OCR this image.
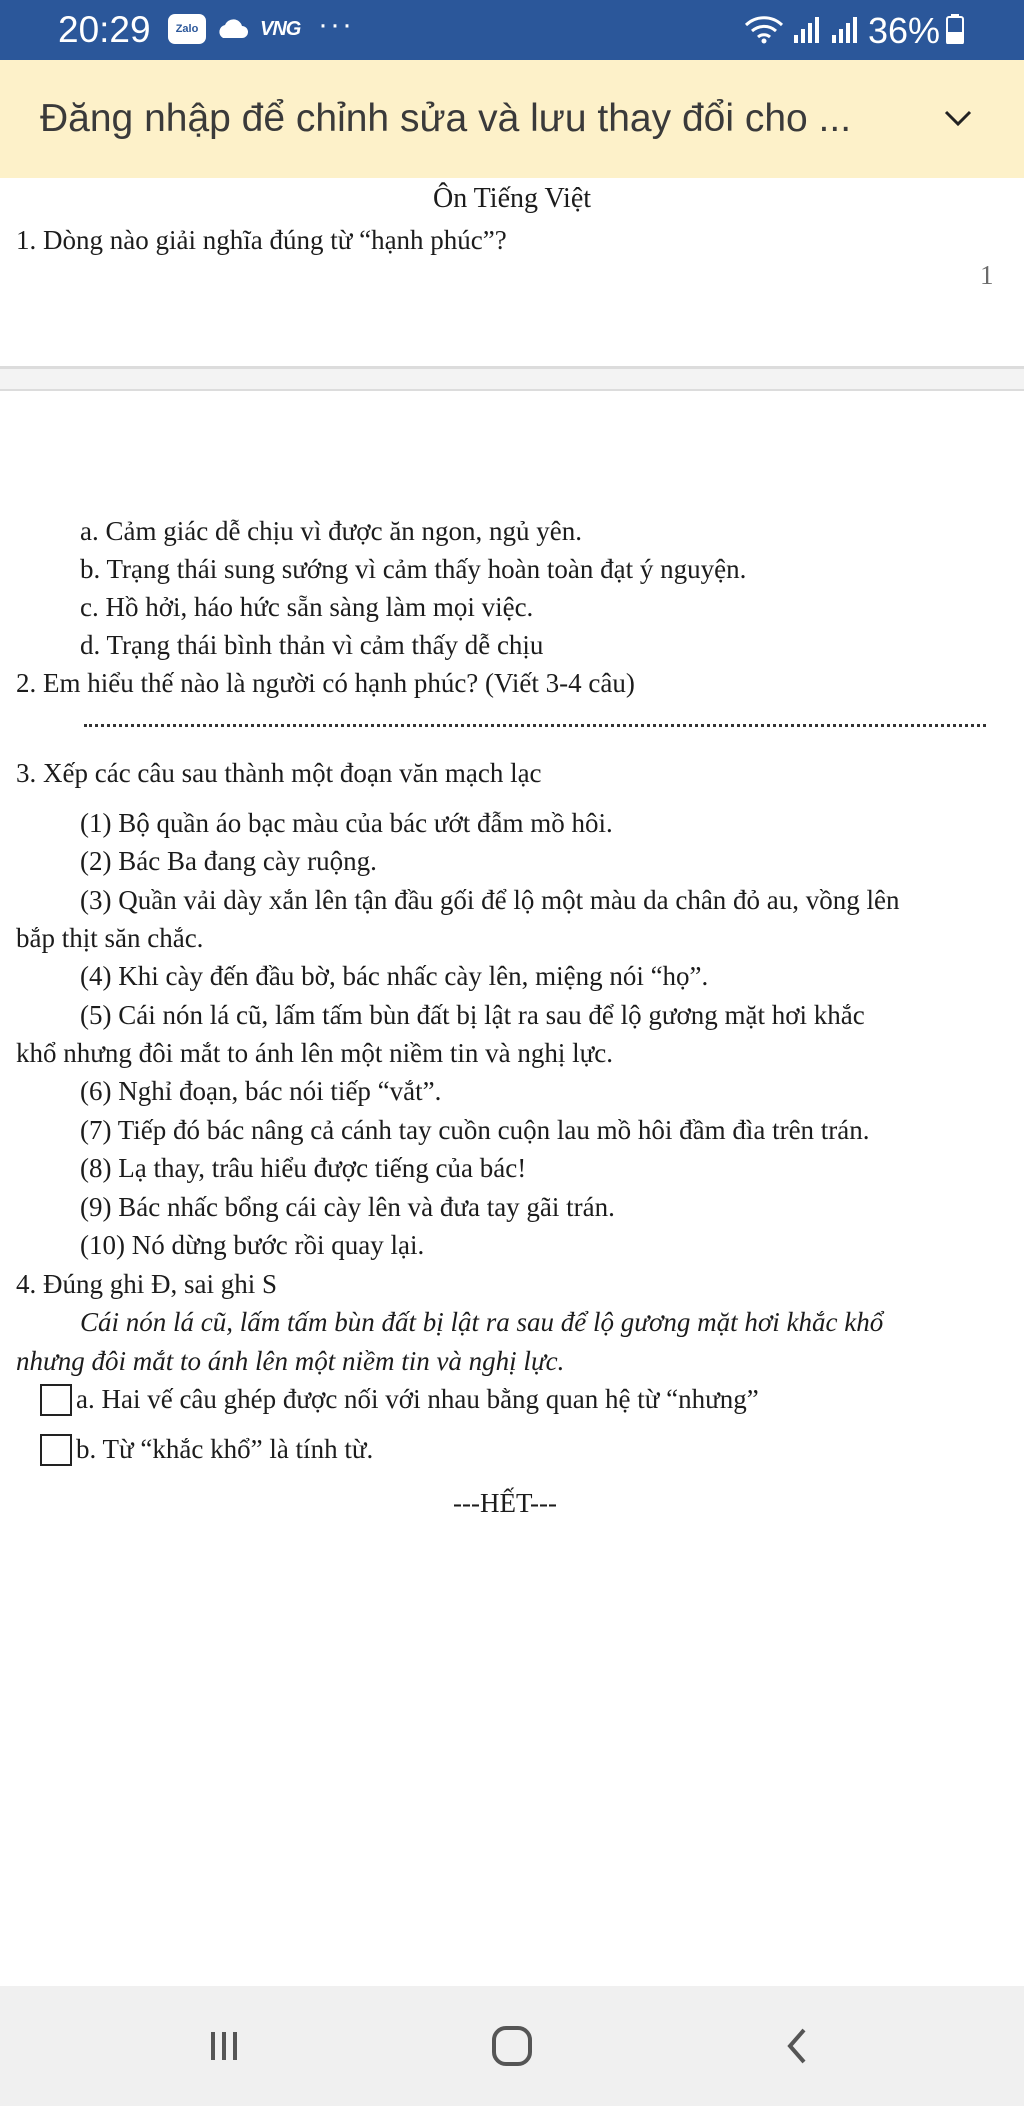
20:29	Zalo	VNG ···	36%
Đăng nhập để chỉnh sửa và lưu thay đổi cho ...
Ôn Tiếng Việt
1. Dòng nào giải nghĩa đúng từ “hạnh phúc”?
1
a. Cảm giác dễ chịu vì được ăn ngon, ngủ yên.
b. Trạng thái sung sướng vì cảm thấy hoàn toàn đạt ý nguyện.
c. Hồ hởi, háo hức sẵn sàng làm mọi việc.
d. Trạng thái bình thản vì cảm thấy dễ chịu
2. Em hiểu thế nào là người có hạnh phúc? (Viết 3-4 câu)
3. Xếp các câu sau thành một đoạn văn mạch lạc
(1) Bộ quần áo bạc màu của bác ướt đẫm mồ hôi.
(2) Bác Ba đang cày ruộng.
(3) Quần vải dày xắn lên tận đầu gối để lộ một màu da chân đỏ au, vồng lên
bắp thịt săn chắc.
(4) Khi cày đến đầu bờ, bác nhấc cày lên, miệng nói “họ”.
(5) Cái nón lá cũ, lấm tấm bùn đất bị lật ra sau để lộ gương mặt hơi khắc
khổ nhưng đôi mắt to ánh lên một niềm tin và nghị lực.
(6) Nghỉ đoạn, bác nói tiếp “vắt”.
(7) Tiếp đó bác nâng cả cánh tay cuồn cuộn lau mồ hôi đầm đìa trên trán.
(8) Lạ thay, trâu hiểu được tiếng của bác!
(9) Bác nhấc bổng cái cày lên và đưa tay gãi trán.
(10) Nó dừng bước rồi quay lại.
4. Đúng ghi Đ, sai ghi S
Cái nón lá cũ, lấm tấm bùn đất bị lật ra sau để lộ gương mặt hơi khắc khổ
nhưng đôi mắt to ánh lên một niềm tin và nghị lực.
a. Hai vế câu ghép được nối với nhau bằng quan hệ từ “nhưng”
b. Từ “khắc khổ” là tính từ.
---HẾT---
